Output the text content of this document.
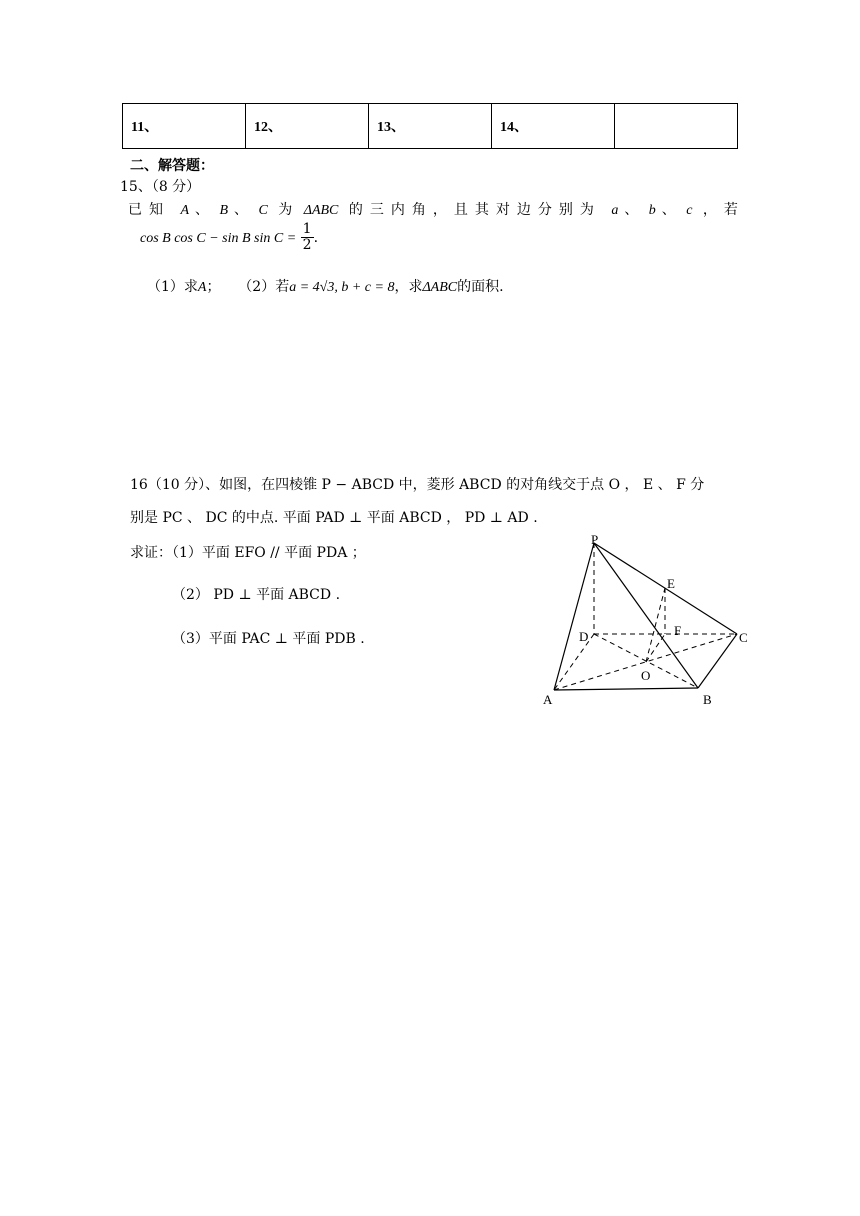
11、	12、	13、	14、	
二、解答题：
15、（8 分）
已知 A 、 B 、 C 为 ΔABC 的三内角，且其对边分别为 a 、 b 、 c ，若
cos B cos C − sin B $\sin C = \frac{1}{2}$ .
（1）求A；    （2）若a = 4√3, b + c = 8，求ΔABC的面积.
16（10 分）、如图，在四棱锥 P − ABCD 中，菱形 ABCD 的对角线交于点 O ， E 、 F 分
别是 PC 、 DC 的中点. 平面 PAD ⊥ 平面 ABCD ， PD ⊥ AD .
求证：（1）平面 EFO // 平面 PDA ；
（2） PD ⊥ 平面 ABCD .
（3）平面 PAC ⊥ 平面 PDB .
P
E
D	F	C
O
A	B
